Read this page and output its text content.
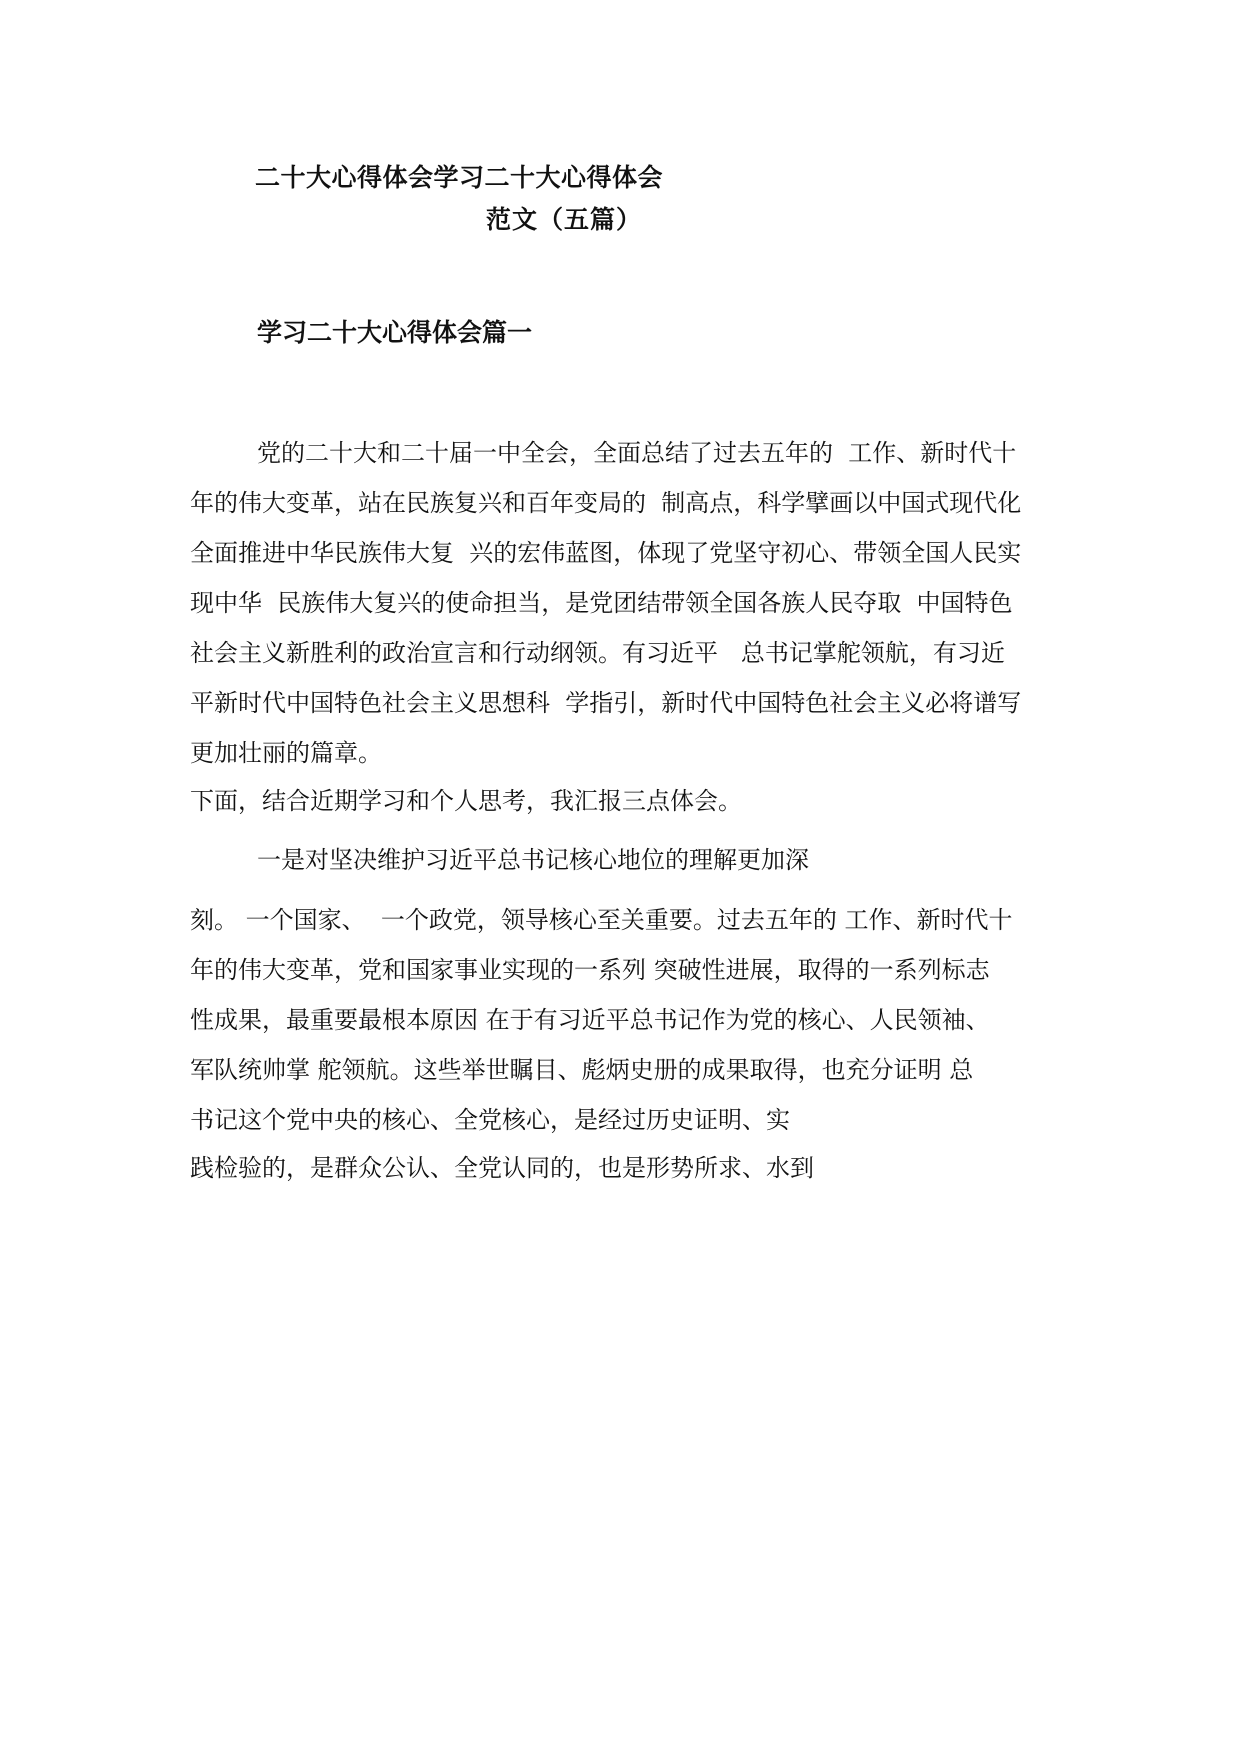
二十大心得体会学习二十大心得体会
范文（五篇）
学习二十大心得体会篇一
党的二十大和二十届一中全会，全面总结了过去五年的  工作、新时代十
年的伟大变革，站在民族复兴和百年变局的  制高点，科学擘画以中国式现代化
全面推进中华民族伟大复  兴的宏伟蓝图，体现了党坚守初心、带领全国人民实
现中华  民族伟大复兴的使命担当，是党团结带领全国各族人民夺取  中国特色
社会主义新胜利的政治宣言和行动纲领。有习近平   总书记掌舵领航，有习近
平新时代中国特色社会主义思想科  学指引，新时代中国特色社会主义必将谱写
更加壮丽的篇章。
下面，结合近期学习和个人思考，我汇报三点体会。
一是对坚决维护习近平总书记核心地位的理解更加深
刻。 一个国家、  一个政党，领导核心至关重要。过去五年的 工作、新时代十
年的伟大变革，党和国家事业实现的一系列 突破性进展，取得的一系列标志
性成果，最重要最根本原因 在于有习近平总书记作为党的核心、人民领袖、
军队统帅掌 舵领航。这些举世瞩目、彪炳史册的成果取得，也充分证明 总
书记这个党中央的核心、全党核心，是经过历史证明、实
践检验的，是群众公认、全党认同的，也是形势所求、水到
